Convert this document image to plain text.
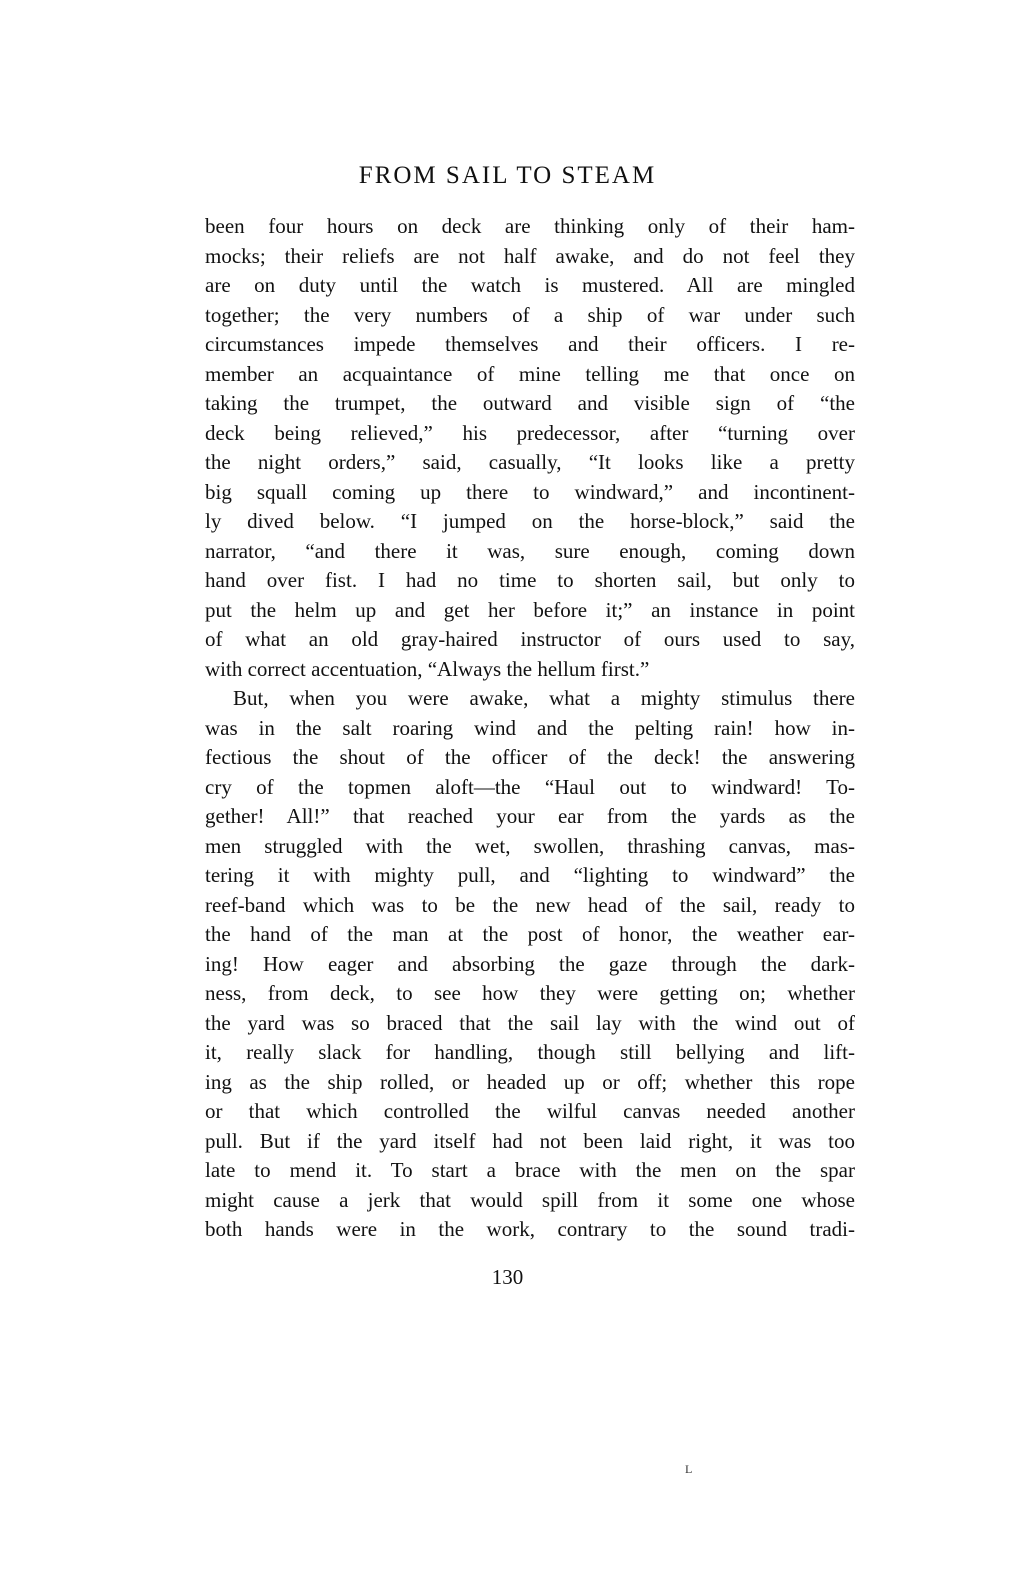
FROM SAIL TO STEAM
been four hours on deck are thinking only of their ham-
mocks; their reliefs are not half awake, and do not feel they
are on duty until the watch is mustered. All are mingled
together; the very numbers of a ship of war under such
circumstances impede themselves and their officers. I re-
member an acquaintance of mine telling me that once on
taking the trumpet, the outward and visible sign of “the
deck being relieved,” his predecessor, after “turning over
the night orders,” said, casually, “It looks like a pretty
big squall coming up there to windward,” and incontinent-
ly dived below. “I jumped on the horse-block,” said the
narrator, “and there it was, sure enough, coming down
hand over fist. I had no time to shorten sail, but only to
put the helm up and get her before it;” an instance in point
of what an old gray-haired instructor of ours used to say,
with correct accentuation, “Always the hellum first.”
But, when you were awake, what a mighty stimulus there
was in the salt roaring wind and the pelting rain! how in-
fectious the shout of the officer of the deck! the answering
cry of the topmen aloft—the “Haul out to windward! To-
gether! All!” that reached your ear from the yards as the
men struggled with the wet, swollen, thrashing canvas, mas-
tering it with mighty pull, and “lighting to windward” the
reef-band which was to be the new head of the sail, ready to
the hand of the man at the post of honor, the weather ear-
ing! How eager and absorbing the gaze through the dark-
ness, from deck, to see how they were getting on; whether
the yard was so braced that the sail lay with the wind out of
it, really slack for handling, though still bellying and lift-
ing as the ship rolled, or headed up or off; whether this rope
or that which controlled the wilful canvas needed another
pull. But if the yard itself had not been laid right, it was too
late to mend it. To start a brace with the men on the spar
might cause a jerk that would spill from it some one whose
both hands were in the work, contrary to the sound tradi-
130
L
